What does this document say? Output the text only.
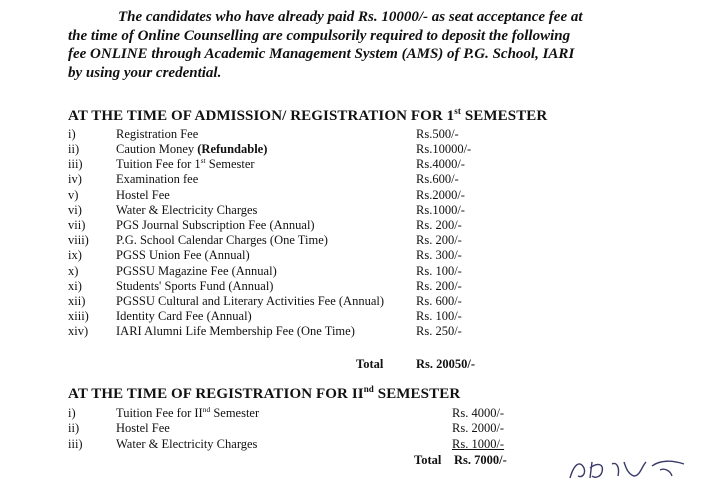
The candidates who have already paid Rs. 10000/- as seat acceptance fee at
the time of Online Counselling are compulsorily required to deposit the following
fee ONLINE through Academic Management System (AMS) of P.G. School, IARI
by using your credential.
AT THE TIME OF ADMISSION/ REGISTRATION FOR 1st SEMESTER
i)	Registration Fee	Rs.500/-
ii)	Caution Money (Refundable)	Rs.10000/-
iii)	Tuition Fee for 1st Semester	Rs.4000/-
iv)	Examination fee	Rs.600/-
v)	Hostel Fee	Rs.2000/-
vi)	Water & Electricity Charges	Rs.1000/-
vii) PGS Journal Subscription Fee (Annual)	Rs. 200/-
viii) P.G. School Calendar Charges (One Time)	Rs. 200/-
ix)	PGSS Union Fee (Annual)	Rs. 300/-
x)	PGSSU Magazine Fee (Annual)	Rs. 100/-
xi)	Students' Sports Fund (Annual)	Rs. 200/-
xii) PGSSU Cultural and Literary Activities Fee (Annual)	Rs. 600/-
xiii) Identity Card Fee (Annual)	Rs. 100/-
xiv) IARI Alumni Life Membership Fee (One Time)	Rs. 250/-
Total	Rs. 20050/-
AT THE TIME OF REGISTRATION FOR IInd SEMESTER
i)	Tuition Fee for IInd Semester	Rs. 4000/-
ii)	Hostel Fee	Rs. 2000/-
iii)	Water & Electricity Charges	Rs. 1000/-
Total Rs. 7000/-
